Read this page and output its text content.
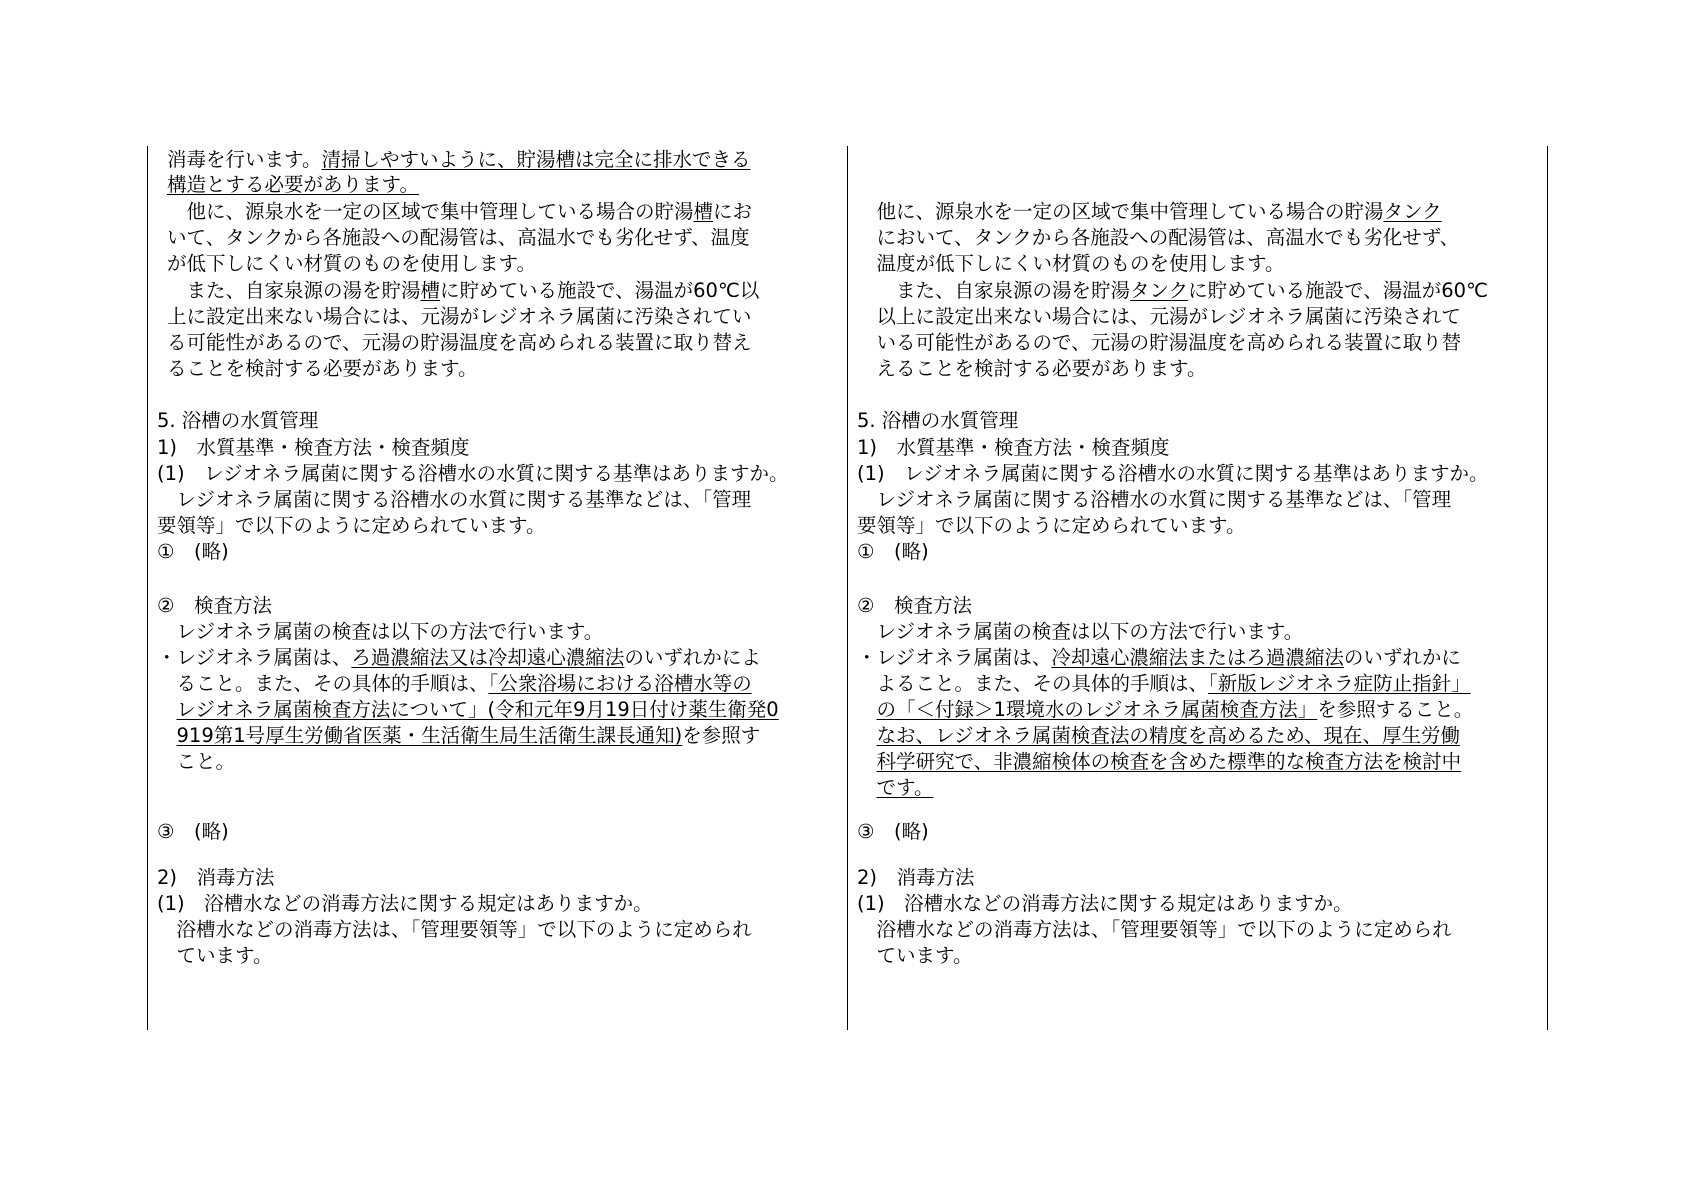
消毒を行います。清掃しやすいように、貯湯槽は完全に排水できる
構造とする必要があります。
　他に、源泉水を一定の区域で集中管理している場合の貯湯槽にお
いて、タンクから各施設への配湯管は、高温水でも劣化せず、温度
が低下しにくい材質のものを使用します。
　また、自家泉源の湯を貯湯槽に貯めている施設で、湯温が60℃以
上に設定出来ない場合には、元湯がレジオネラ属菌に汚染されてい
る可能性があるので、元湯の貯湯温度を高められる装置に取り替え
ることを検討する必要があります。
5. 浴槽の水質管理
1)　水質基準・検査方法・検査頻度
(1)　レジオネラ属菌に関する浴槽水の水質に関する基準はありますか。
　レジオネラ属菌に関する浴槽水の水質に関する基準などは、「管理
要領等」で以下のように定められています。
①　(略)
②　検査方法
　レジオネラ属菌の検査は以下の方法で行います。
・レジオネラ属菌は、ろ過濃縮法又は冷却遠心濃縮法のいずれかによ
　ること。また、その具体的手順は、「公衆浴場における浴槽水等の
　レジオネラ属菌検査方法について」(令和元年9月19日付け薬生衛発0
　919第1号厚生労働省医薬・生活衛生局生活衛生課長通知)を参照す
　こと。
③　(略)
2)　消毒方法
(1)　浴槽水などの消毒方法に関する規定はありますか。
　浴槽水などの消毒方法は、「管理要領等」で以下のように定められ
　ています。
　他に、源泉水を一定の区域で集中管理している場合の貯湯タンク
　において、タンクから各施設への配湯管は、高温水でも劣化せず、
　温度が低下しにくい材質のものを使用します。
　　また、自家泉源の湯を貯湯タンクに貯めている施設で、湯温が60℃
　以上に設定出来ない場合には、元湯がレジオネラ属菌に汚染されて
　いる可能性があるので、元湯の貯湯温度を高められる装置に取り替
　えることを検討する必要があります。
5. 浴槽の水質管理
1)　水質基準・検査方法・検査頻度
(1)　レジオネラ属菌に関する浴槽水の水質に関する基準はありますか。
　レジオネラ属菌に関する浴槽水の水質に関する基準などは、「管理
要領等」で以下のように定められています。
①　(略)
②　検査方法
　レジオネラ属菌の検査は以下の方法で行います。
・レジオネラ属菌は、冷却遠心濃縮法またはろ過濃縮法のいずれかに
　よること。また、その具体的手順は、「新版レジオネラ症防止指針」
　の「＜付録＞1環境水のレジオネラ属菌検査方法」を参照すること。
　なお、レジオネラ属菌検査法の精度を高めるため、現在、厚生労働
　科学研究で、非濃縮検体の検査を含めた標準的な検査方法を検討中
　です。
③　(略)
2)　消毒方法
(1)　浴槽水などの消毒方法に関する規定はありますか。
　浴槽水などの消毒方法は、「管理要領等」で以下のように定められ
　ています。
